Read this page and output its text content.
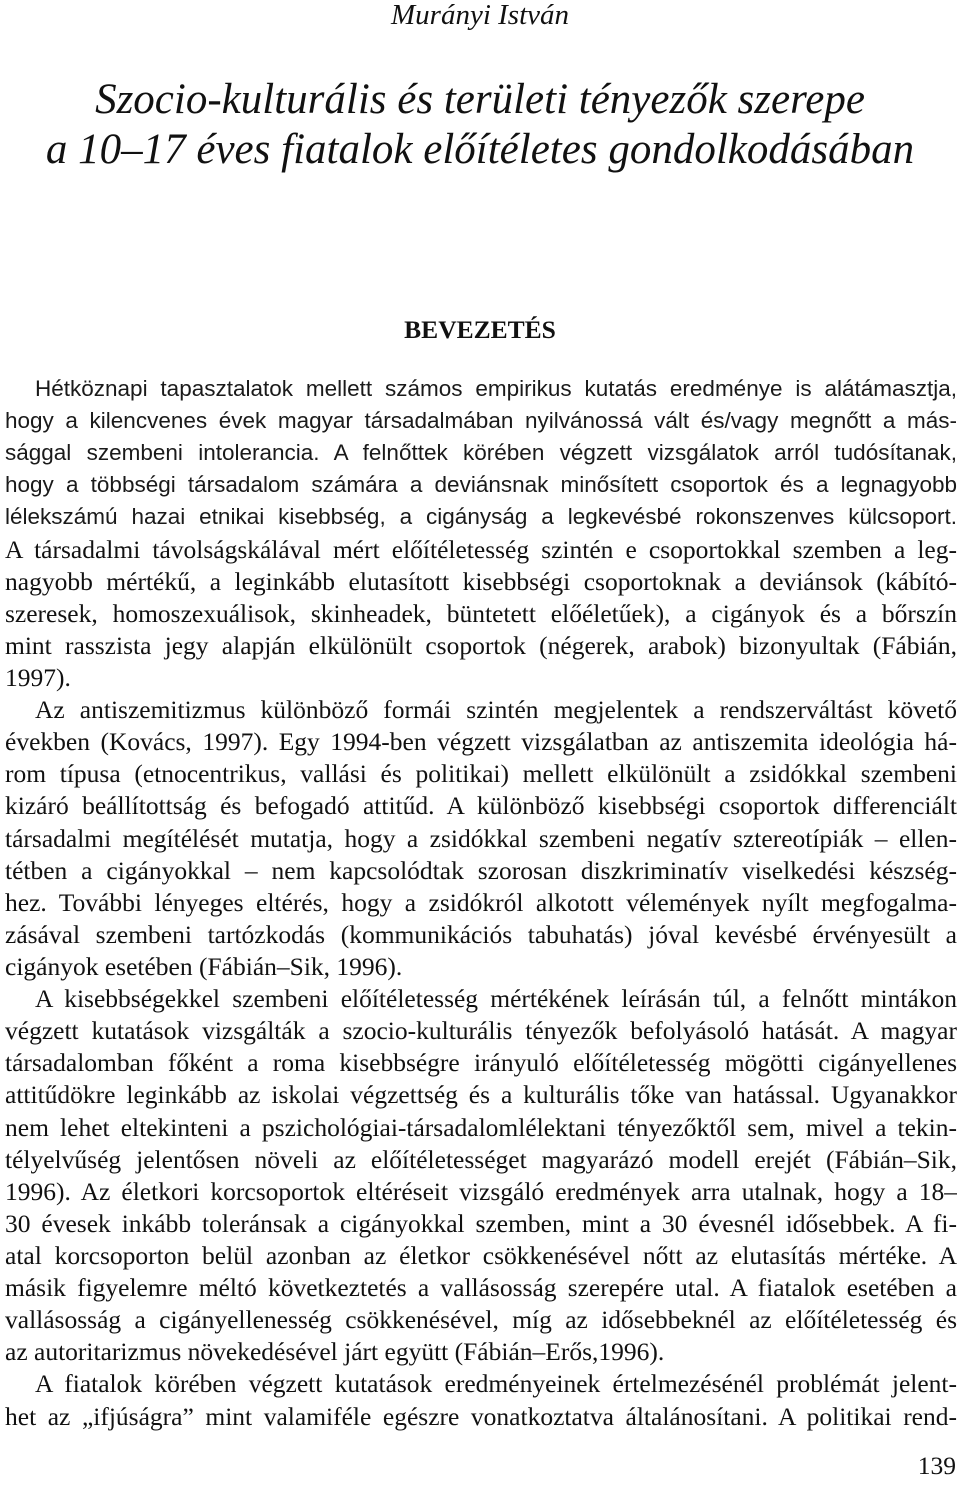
Murányi István
Szocio-kulturális és területi tényezők szerepe
a 10–17 éves fiatalok előítéletes gondolkodásában
BEVEZETÉS
Hétköznapi tapasztalatok mellett számos empirikus kutatás eredménye is alátámasztja,
hogy a kilencvenes évek magyar társadalmában nyilvánossá vált és/vagy megnőtt a más-
sággal szembeni intolerancia. A felnőttek körében végzett vizsgálatok arról tudósítanak,
hogy a többségi társadalom számára a deviánsnak minősített csoportok és a legnagyobb
lélekszámú hazai etnikai kisebbség, a cigányság a legkevésbé rokonszenves külcsoport.
A társadalmi távolságskálával mért előítéletesség szintén e csoportokkal szemben a leg-
nagyobb mértékű, a leginkább elutasított kisebbségi csoportoknak a deviánsok (kábító-
szeresek, homoszexuálisok, skinheadek, büntetett előéletűek), a cigányok és a bőrszín
mint rasszista jegy alapján elkülönült csoportok (négerek, arabok) bizonyultak (Fábián,
1997).
Az antiszemitizmus különböző formái szintén megjelentek a rendszerváltást követő
években (Kovács, 1997). Egy 1994-ben végzett vizsgálatban az antiszemita ideológia há-
rom típusa (etnocentrikus, vallási és politikai) mellett elkülönült a zsidókkal szembeni
kizáró beállítottság és befogadó attitűd. A különböző kisebbségi csoportok differenciált
társadalmi megítélését mutatja, hogy a zsidókkal szembeni negatív sztereotípiák – ellen-
tétben a cigányokkal – nem kapcsolódtak szorosan diszkriminatív viselkedési készség-
hez. További lényeges eltérés, hogy a zsidókról alkotott vélemények nyílt megfogalma-
zásával szembeni tartózkodás (kommunikációs tabuhatás) jóval kevésbé érvényesült a
cigányok esetében (Fábián–Sik, 1996).
A kisebbségekkel szembeni előítéletesség mértékének leírásán túl, a felnőtt mintákon
végzett kutatások vizsgálták a szocio-kulturális tényezők befolyásoló hatását. A magyar
társadalomban főként a roma kisebbségre irányuló előítéletesség mögötti cigányellenes
attitűdökre leginkább az iskolai végzettség és a kulturális tőke van hatással. Ugyanakkor
nem lehet eltekinteni a pszichológiai-társadalomlélektani tényezőktől sem, mivel a tekin-
télyelvűség jelentősen növeli az előítéletességet magyarázó modell erejét (Fábián–Sik,
1996). Az életkori korcsoportok eltéréseit vizsgáló eredmények arra utalnak, hogy a 18–
30 évesek inkább toleránsak a cigányokkal szemben, mint a 30 évesnél idősebbek. A fi-
atal korcsoporton belül azonban az életkor csökkenésével nőtt az elutasítás mértéke. A
másik figyelemre méltó következtetés a vallásosság szerepére utal. A fiatalok esetében a
vallásosság a cigányellenesség csökkenésével, míg az idősebbeknél az előítéletesség és
az autoritarizmus növekedésével járt együtt (Fábián–Erős,1996).
A fiatalok körében végzett kutatások eredményeinek értelmezésénél problémát jelent-
het az „ifjúságra” mint valamiféle egészre vonatkoztatva általánosítani. A politikai rend-
139
